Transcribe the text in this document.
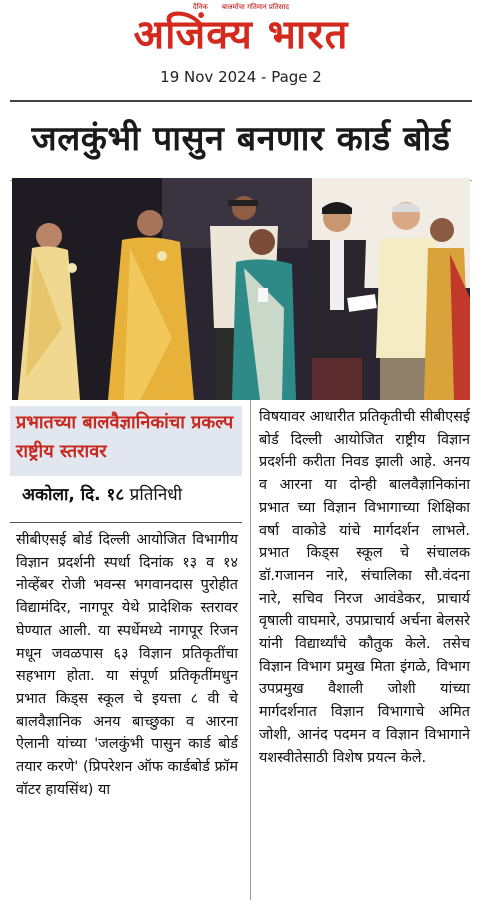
दैनिक बालमोंचा गतिमान प्रतिसाद
अजिंक्य भारत
19 Nov 2024 - Page 2
जलकुंभी पासुन बनणार कार्ड बोर्ड
प्रभातच्या बालवैज्ञानिकांचा प्रकल्प राष्ट्रीय स्तरावर
अकोला, दि. १८ प्रतिनिधी
सीबीएसई बोर्ड दिल्ली आयोजित विभागीय विज्ञान प्रदर्शनी स्पर्धा दिनांक १३ व १४ नोव्हेंबर रोजी भवन्स भगवानदास पुरोहीत विद्यामंदिर, नागपूर येथे प्रादेशिक स्तरावर घेण्यात आली. या स्पर्धेमध्ये नागपूर रिजन मधून जवळपास ६३ विज्ञान प्रतिकृतींचा सहभाग होता. या संपूर्ण प्रतिकृतींमधुन प्रभात किड्स स्कूल चे इयत्ता ८ वी चे बालवैज्ञानिक अनय बाच्छुका व आरना ऐलानी यांच्या 'जलकुंभी पासुन कार्ड बोर्ड तयार करणे' (प्रिपरेशन ऑफ कार्डबोर्ड फ्रॉम वॉटर हायसिंथ) या
विषयावर आधारीत प्रतिकृतीची सीबीएसई बोर्ड दिल्ली आयोजित राष्ट्रीय विज्ञान प्रदर्शनी करीता निवड झाली आहे. अनय व आरना या दोन्ही बालवैज्ञानिकांना प्रभात च्या विज्ञान विभागाच्या शिक्षिका वर्षा वाकोडे यांचे मार्गदर्शन लाभले. प्रभात किड्स स्कूल चे संचालक डॉ.गजानन नारे, संचालिका सौ.वंदना नारे, सचिव निरज आवंडेकर, प्राचार्य वृषाली वाघमारे, उपप्राचार्य अर्चना बेलसरे यांनी विद्यार्थ्यांचे कौतुक केले. तसेच विज्ञान विभाग प्रमुख मिता इंगळे, विभाग उपप्रमुख वैशाली जोशी यांच्या मार्गदर्शनात विज्ञान विभागाचे अमित जोशी, आनंद पदमन व विज्ञान विभागाने यशस्वीतेसाठी विशेष प्रयत्न केले.
